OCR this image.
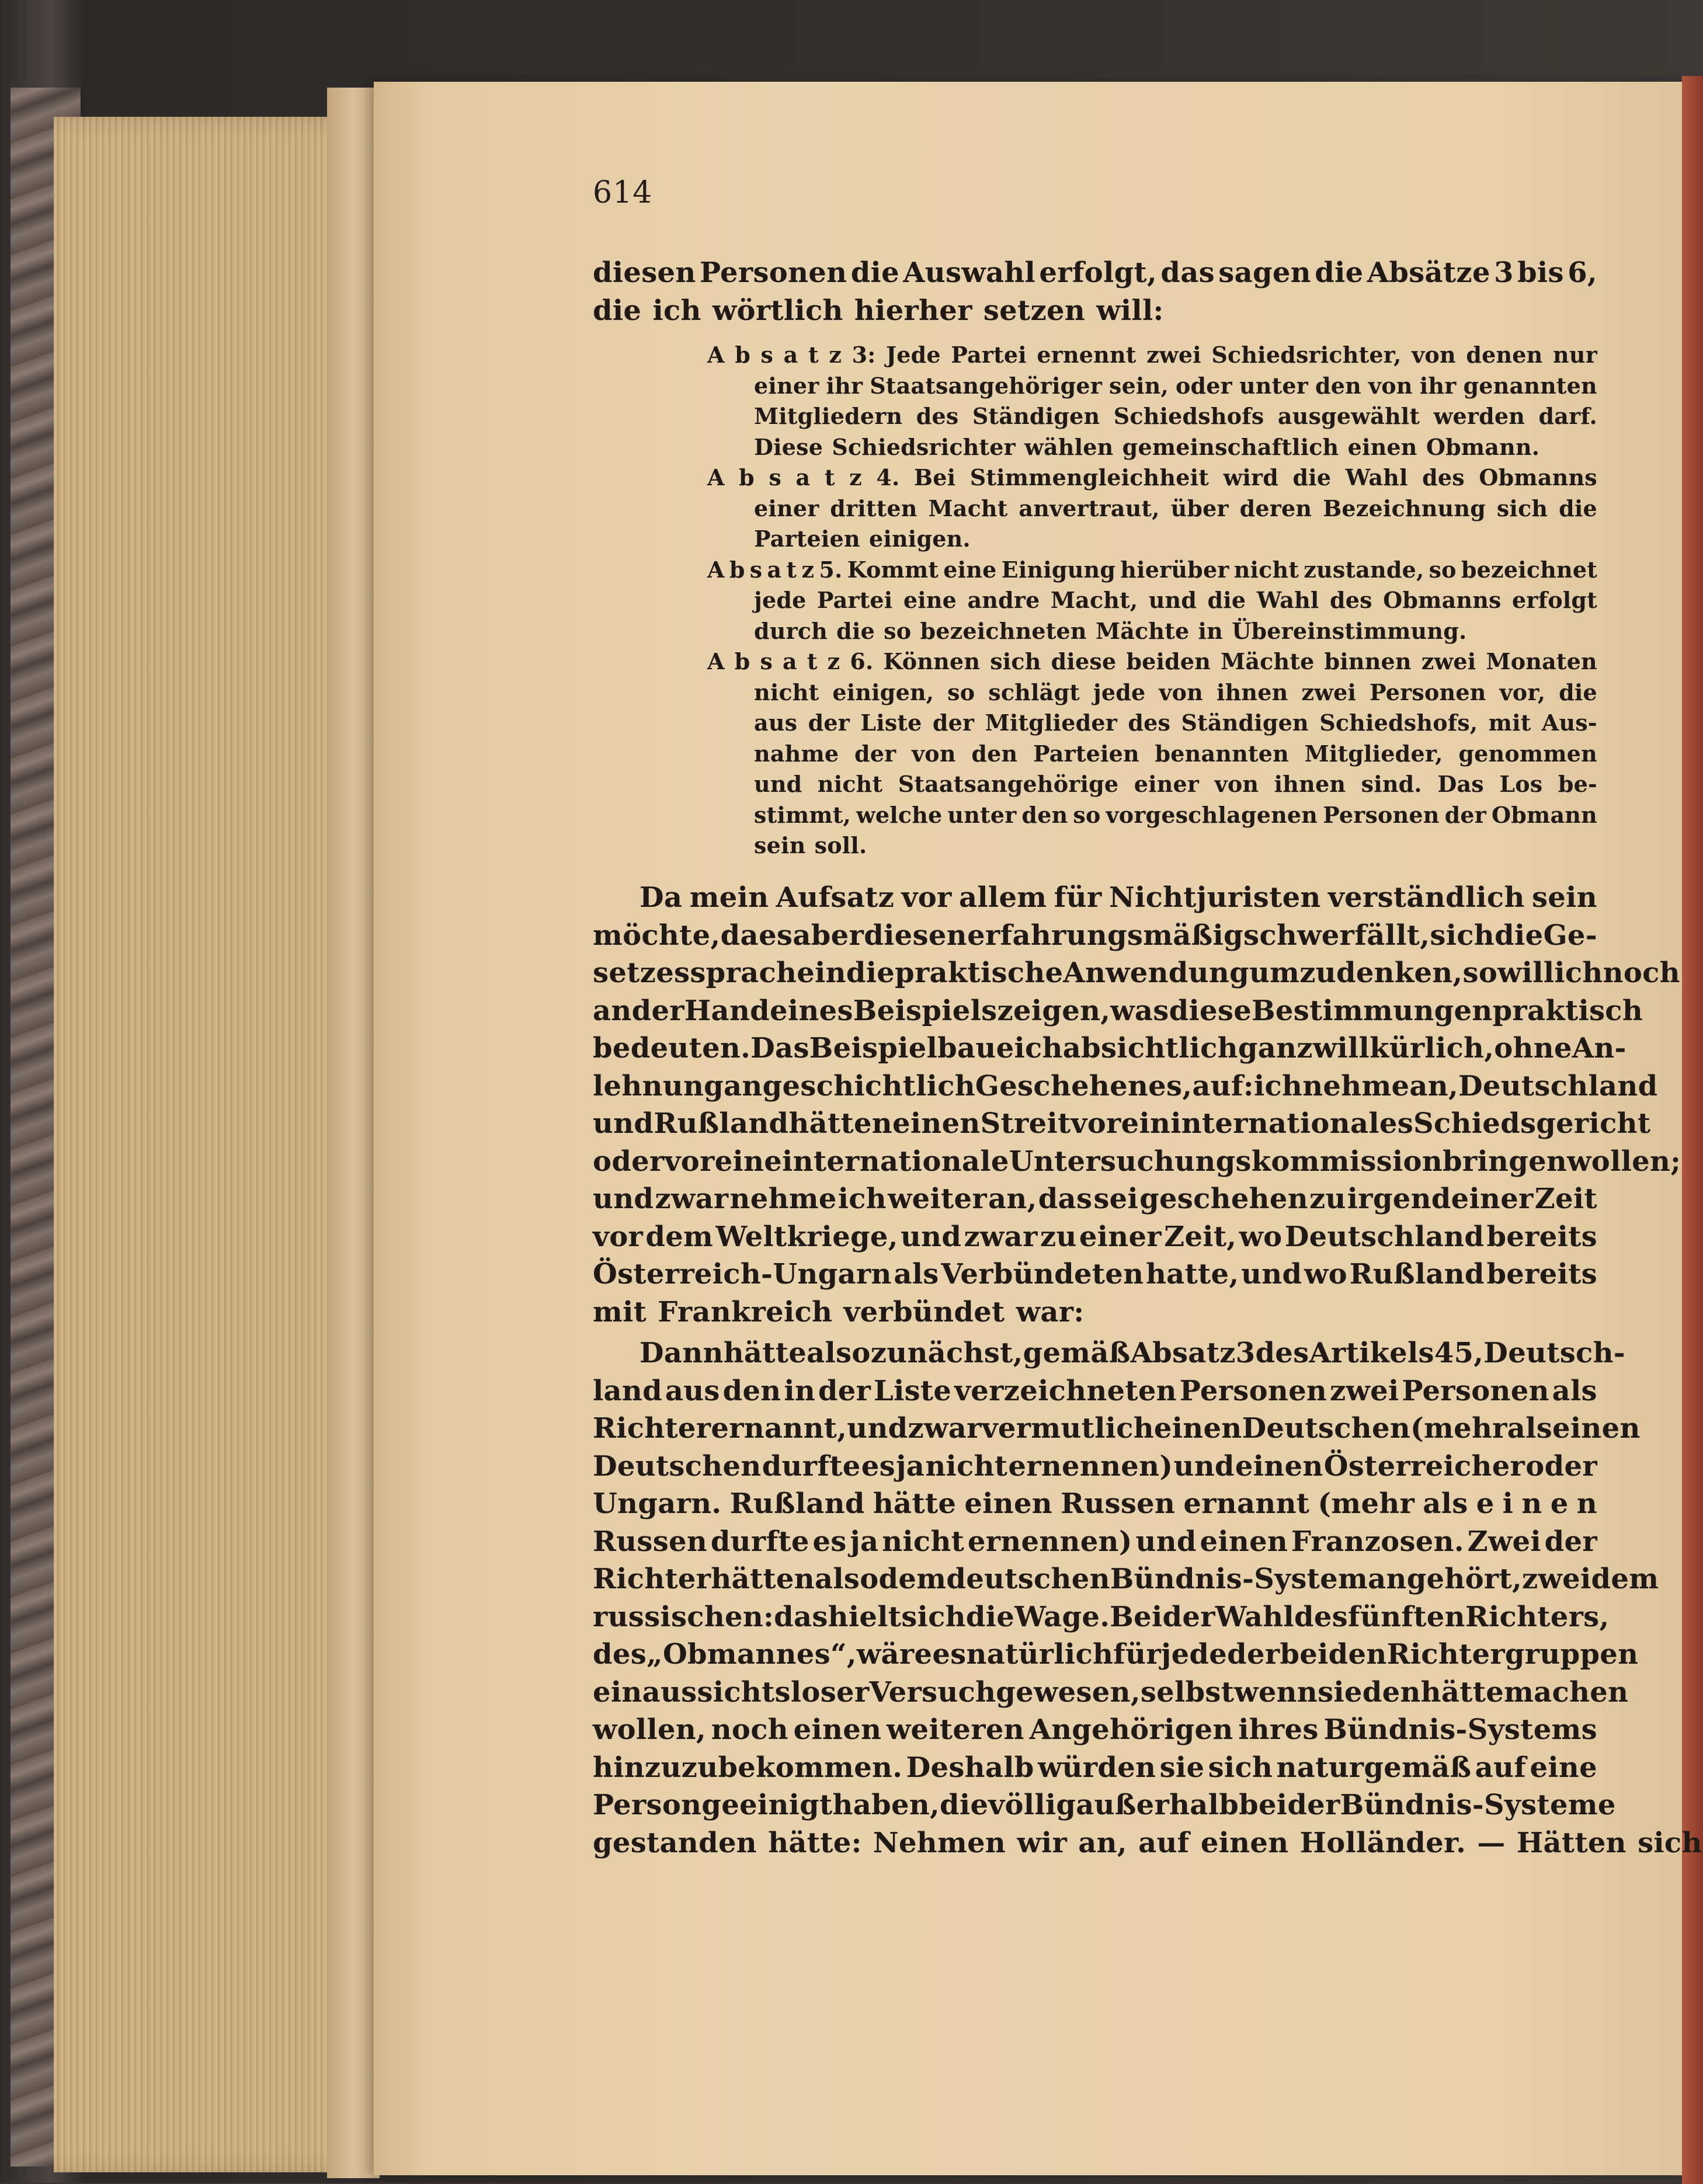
614
diesen Personen die Auswahl erfolgt, das sagen die Absätze 3 bis 6,
die ich wörtlich hierher setzen will:
A b s a t z 3: Jede Partei ernennt zwei Schiedsrichter, von denen nur
einer ihr Staatsangehöriger sein, oder unter den von ihr genannten
Mitgliedern des Ständigen Schiedshofs ausgewählt werden darf.
Diese Schiedsrichter wählen gemeinschaftlich einen Obmann.
A b s a t z 4. Bei Stimmengleichheit wird die Wahl des Obmanns
einer dritten Macht anvertraut, über deren Bezeichnung sich die
Parteien einigen.
A b s a t z 5. Kommt eine Einigung hierüber nicht zustande, so bezeichnet
jede Partei eine andre Macht, und die Wahl des Obmanns erfolgt
durch die so bezeichneten Mächte in Übereinstimmung.
A b s a t z 6. Können sich diese beiden Mächte binnen zwei Monaten
nicht einigen, so schlägt jede von ihnen zwei Personen vor, die
aus der Liste der Mitglieder des Ständigen Schiedshofs, mit Aus-
nahme der von den Parteien benannten Mitglieder, genommen
und nicht Staatsangehörige einer von ihnen sind. Das Los be-
stimmt, welche unter den so vorgeschlagenen Personen der Obmann
sein soll.
Da mein Aufsatz vor allem für Nichtjuristen verständlich sein
möchte, da es aber diesen erfahrungsmäßig schwer fällt, sich die Ge-
setzessprache in die praktische Anwendung umzudenken, so will ich noch
an der Hand eines Beispiels zeigen, was diese Bestimmungen praktisch
bedeuten. Das Beispiel baue ich absichtlich ganz willkürlich, ohne An-
lehnung an geschichtlich Geschehenes, auf: ich nehme an, Deutschland
und Rußland hätten einen Streit vor ein internationales Schiedsgericht
oder vor eine internationale Untersuchungskommission bringen wollen;
und zwar nehme ich weiter an, das sei geschehen zu irgendeiner Zeit
vor dem Weltkriege, und zwar zu einer Zeit, wo Deutschland bereits
Österreich-Ungarn als Verbündeten hatte, und wo Rußland bereits
mit Frankreich verbündet war:
Dann hätte also zunächst, gemäß Absatz 3 des Artikels 45, Deutsch-
land aus den in der Liste verzeichneten Personen zwei Personen als
Richter ernannt, und zwar vermutlich einen Deutschen (mehr als e i n e n
Deutschen durfte es ja nicht ernennen) und einen Österreicher oder
Ungarn. Rußland hätte einen Russen ernannt (mehr als e i n e n
Russen durfte es ja nicht ernennen) und einen Franzosen. Zwei der
Richter hätten also dem deutschen Bündnis-System angehört, zwei dem
russischen: das hielt sich die Wage. Bei der Wahl des fünften Richters,
des „Obmannes“, wäre es natürlich für jede der beiden Richtergruppen
ein aussichtsloser Versuch gewesen, selbst wenn sie den hätte machen
wollen, noch einen weiteren Angehörigen ihres Bündnis-Systems
hinzuzubekommen. Deshalb würden sie sich naturgemäß auf eine
Person geeinigt haben, die völlig außerhalb beider Bündnis-Systeme
gestanden hätte: Nehmen wir an, auf einen Holländer. — Hätten sich
